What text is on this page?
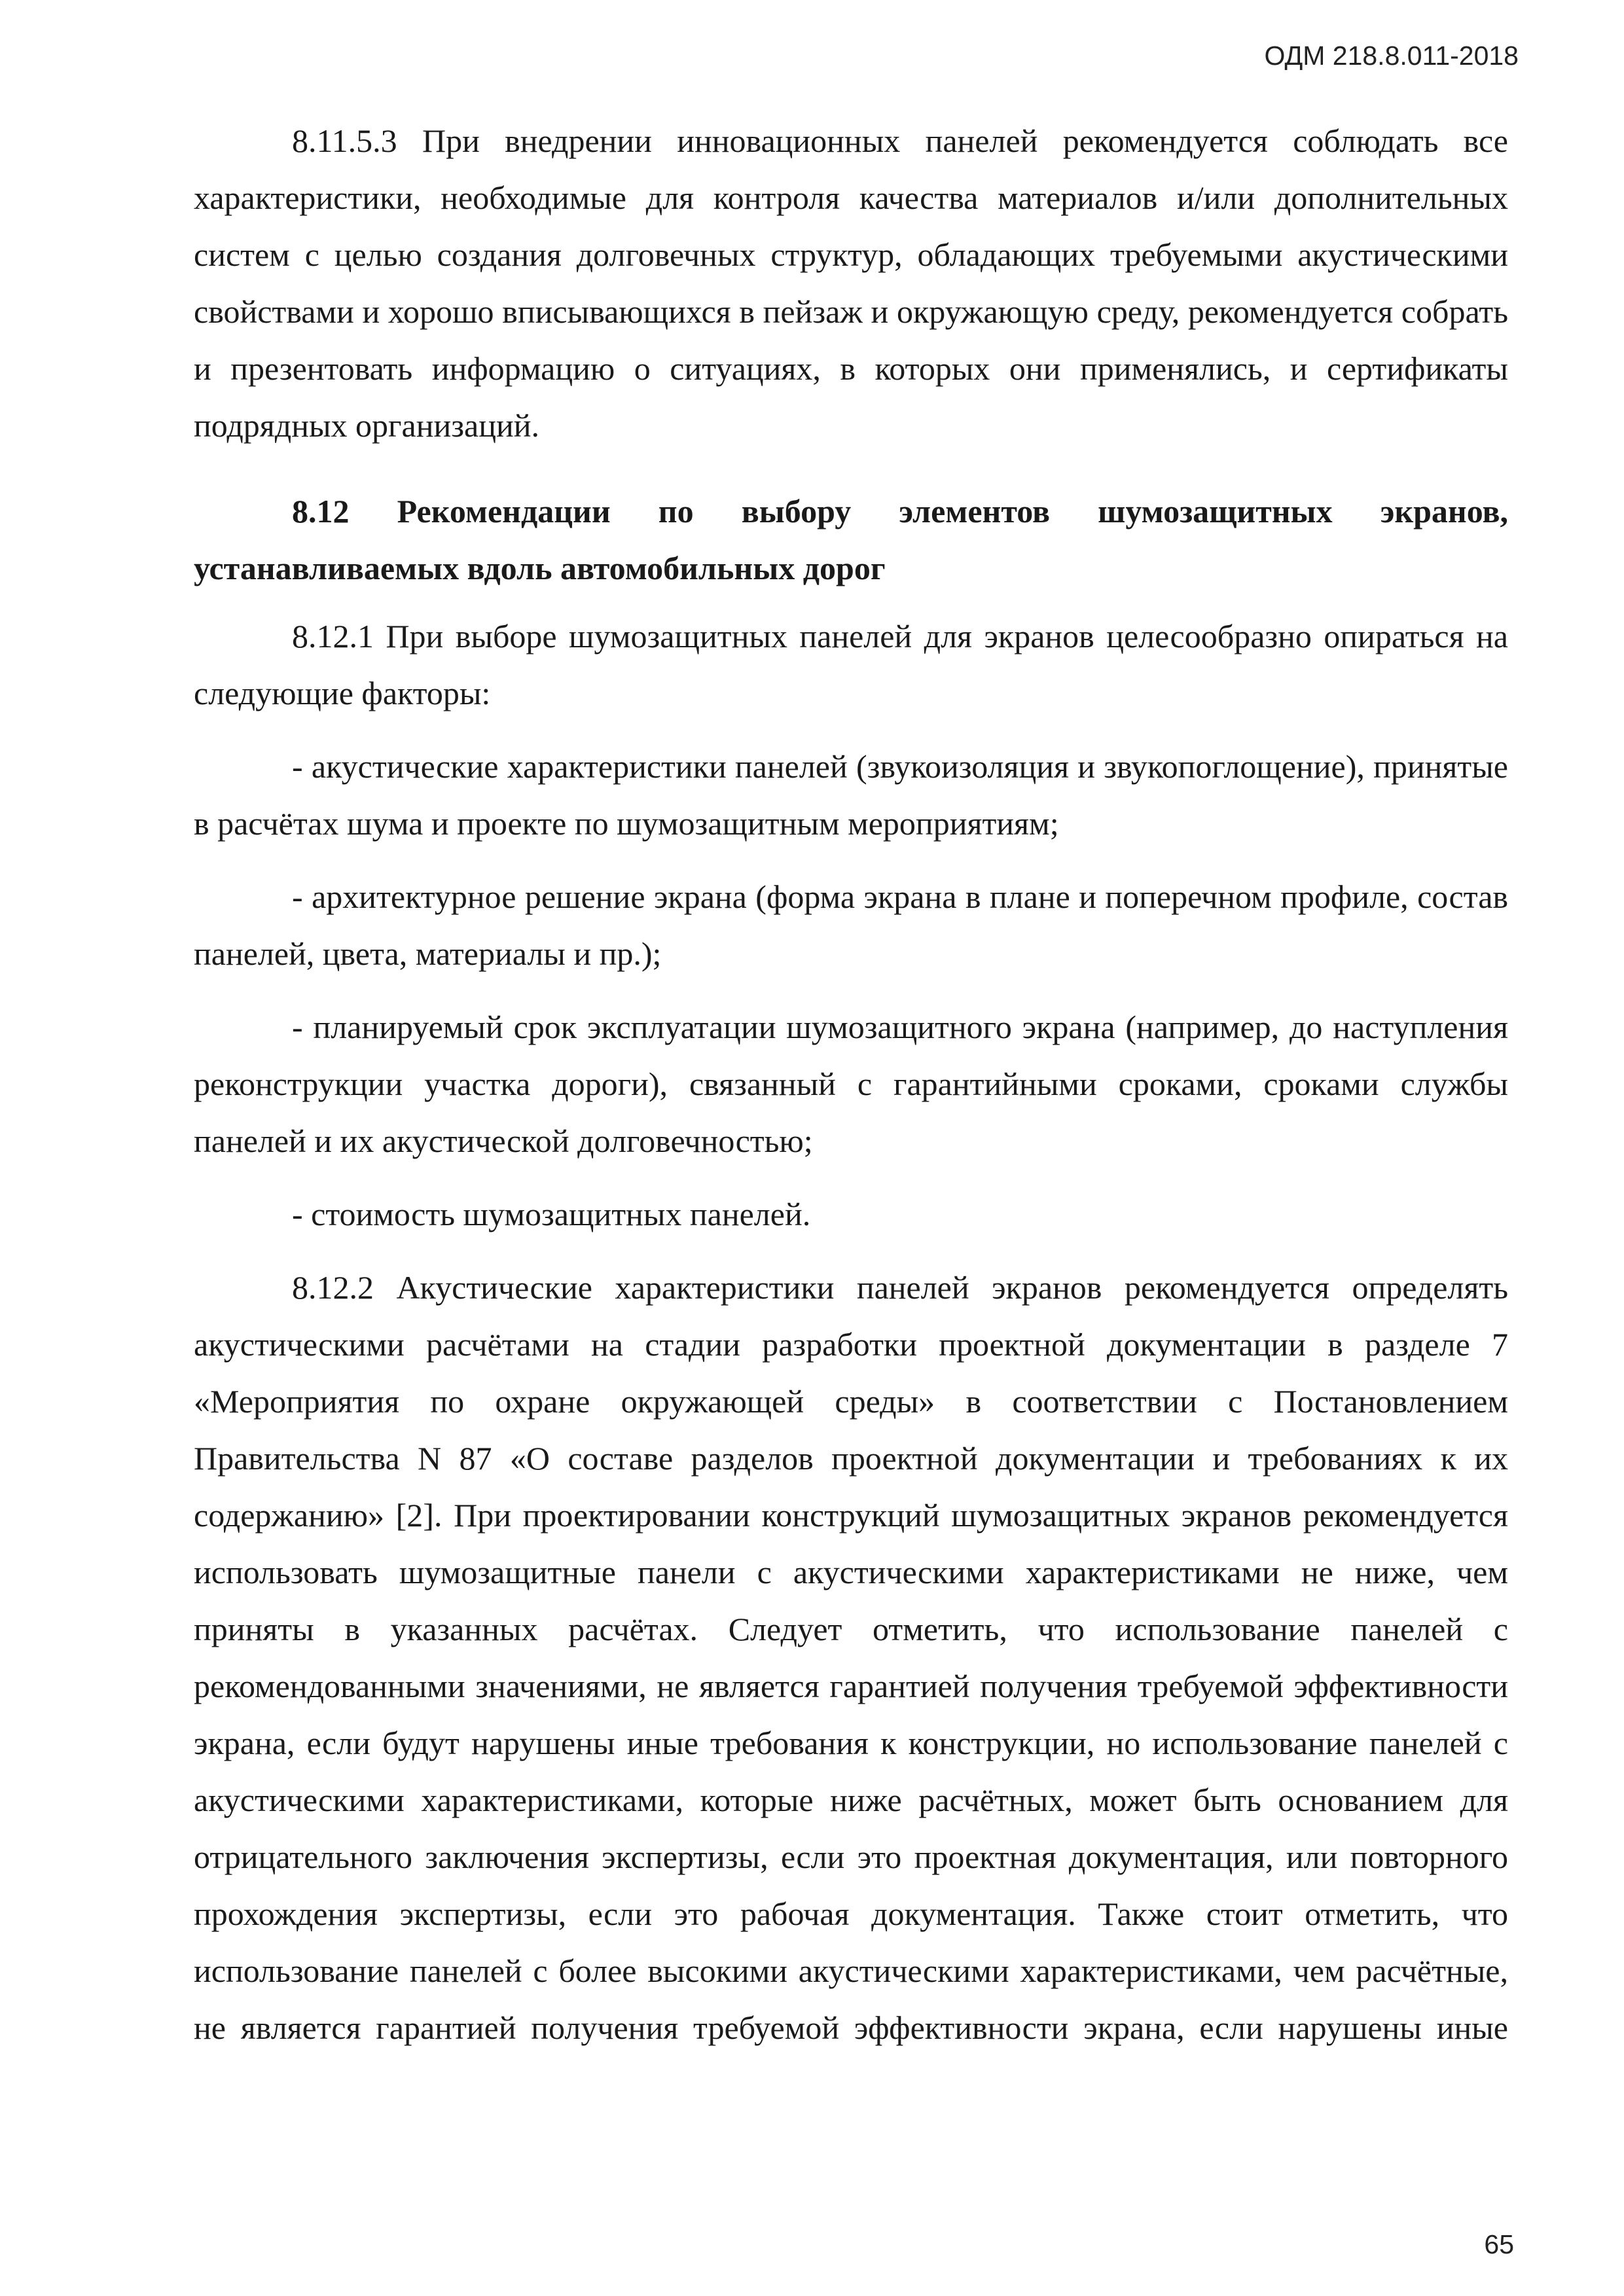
ОДМ 218.8.011-2018

8.11.5.3 При внедрении инновационных панелей рекомендуется соблюдать все характеристики, необходимые для контроля качества материалов и/или дополнительных систем с целью создания долговечных структур, обладающих требуемыми акустическими свойствами и хорошо вписывающихся в пейзаж и окружающую среду, рекомендуется собрать и презентовать информацию о ситуациях, в которых они применялись, и сертификаты подрядных организаций.

8.12 Рекомендации по выбору элементов шумозащитных экранов, устанавливаемых вдоль автомобильных дорог

8.12.1 При выборе шумозащитных панелей для экранов целесообразно опираться на следующие факторы:

- акустические характеристики панелей (звукоизоляция и звукопоглощение), принятые в расчётах шума и проекте по шумозащитным мероприятиям;

- архитектурное решение экрана (форма экрана в плане и поперечном профиле, состав панелей, цвета, материалы и пр.);

- планируемый срок эксплуатации шумозащитного экрана (например, до наступления реконструкции участка дороги), связанный с гарантийными сроками, сроками службы панелей и их акустической долговечностью;

- стоимость шумозащитных панелей.

8.12.2 Акустические характеристики панелей экранов рекомендуется определять акустическими расчётами на стадии разработки проектной документации в разделе 7 «Мероприятия по охране окружающей среды» в соответствии с Постановлением Правительства N 87 «О составе разделов проектной документации и требованиях к их содержанию» [2]. При проектировании конструкций шумозащитных экранов рекомендуется использовать шумозащитные панели с акустическими характеристиками не ниже, чем приняты в указанных расчётах. Следует отметить, что использование панелей с рекомендованными значениями, не является гарантией получения требуемой эффективности экрана, если будут нарушены иные требования к конструкции, но использование панелей с акустическими характеристиками, которые ниже расчётных, может быть основанием для отрицательного заключения экспертизы, если это проектная документация, или повторного прохождения экспертизы, если это рабочая документация. Также стоит отметить, что использование панелей с более высокими акустическими характеристиками, чем расчётные, не является гарантией получения требуемой эффективности экрана, если нарушены иные

65
